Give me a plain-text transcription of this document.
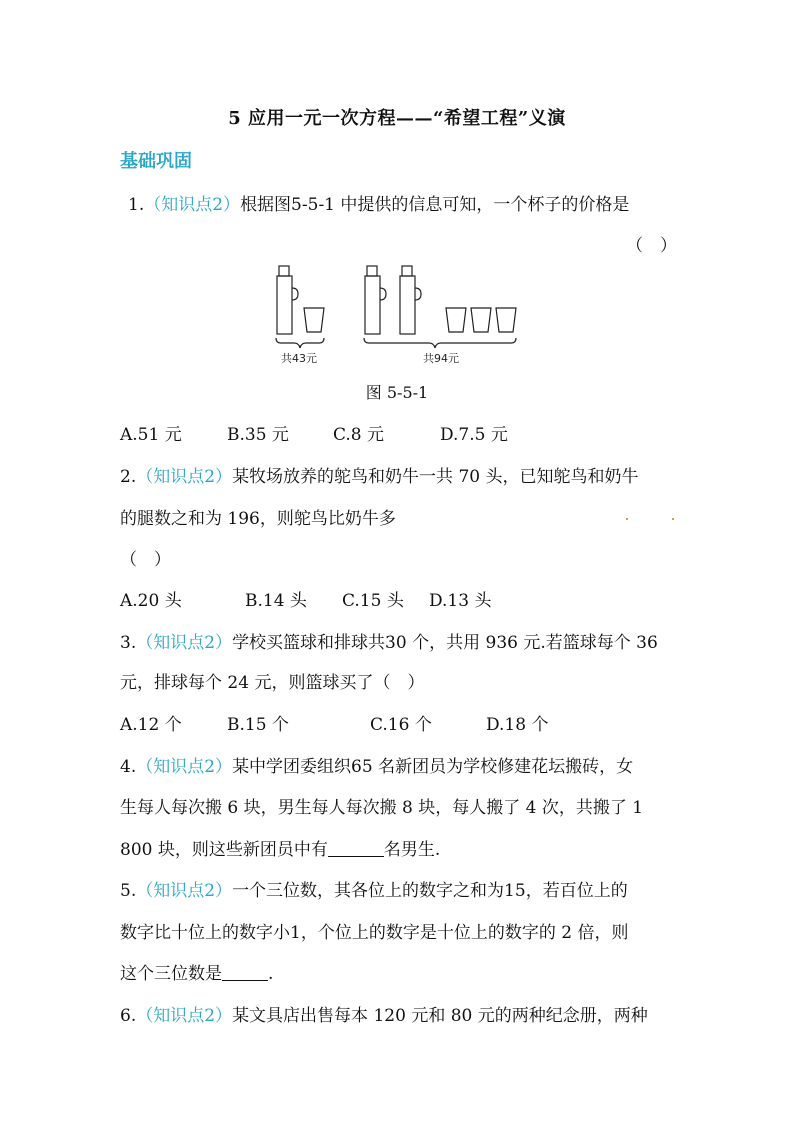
5 应用一元一次方程——“希望工程”义演
基础巩固
1.（知识点2）根据图5-5-1 中提供的信息可知，一个杯子的价格是
（　）
共43元	共94元
图 5-5-1
A.51 元	B.35 元	C.8 元	D.7.5 元
2.（知识点2）某牧场放养的鸵鸟和奶牛一共 70 头，已知鸵鸟和奶牛
的腿数之和为 196，则鸵鸟比奶牛多
（　）
A.20 头	B.14 头 C.15 头 D.13 头
3.（知识点2）学校买篮球和排球共30 个，共用 936 元.若篮球每个 36
元，排球每个 24 元，则篮球买了（　）
A.12 个	B.15 个	C.16 个	D.18 个
4.（知识点2）某中学团委组织65 名新团员为学校修建花坛搬砖，女
生每人每次搬 6 块，男生每人每次搬 8 块，每人搬了 4 次，共搬了 1
800 块，则这些新团员中有	名男生.
5.（知识点2）一个三位数，其各位上的数字之和为15，若百位上的
数字比十位上的数字小1，个位上的数字是十位上的数字的 2 倍，则
这个三位数是	.
6.（知识点2）某文具店出售每本 120 元和 80 元的两种纪念册，两种
